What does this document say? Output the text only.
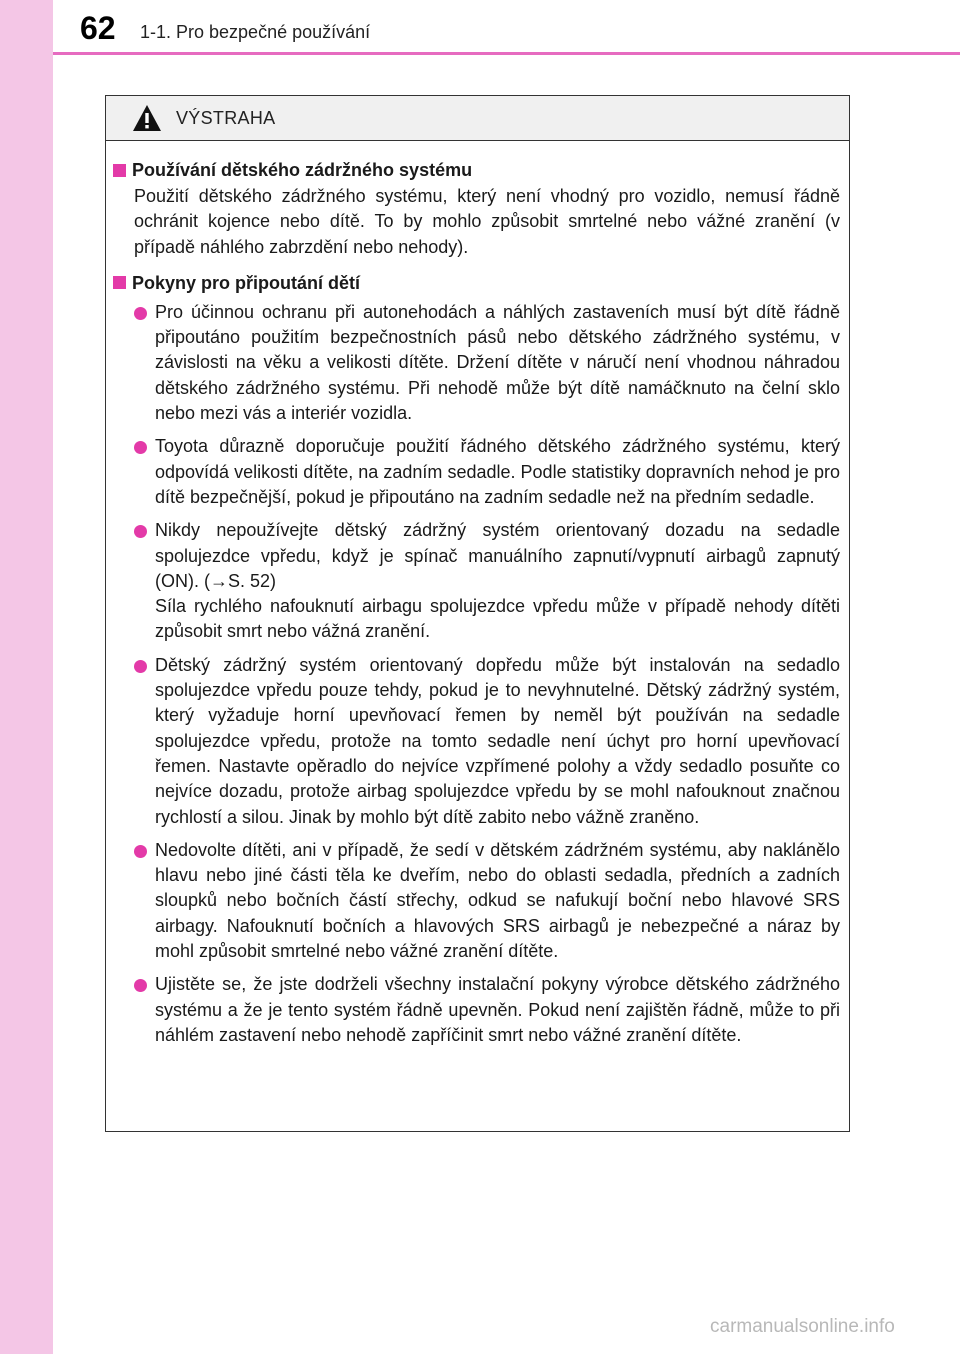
62 1-1. Pro bezpečné používání
VÝSTRAHA
Používání dětského zádržného systému
Použití dětského zádržného systému, který není vhodný pro vozidlo, nemusí řádně ochránit kojence nebo dítě. To by mohlo způsobit smrtelné nebo vážné zranění (v případě náhlého zabrzdění nebo nehody).
Pokyny pro připoutání dětí

Pro účinnou ochranu při autonehodách a náhlých zastaveních musí být dítě řádně připoutáno použitím bezpečnostních pásů nebo dětského zádržného systému, v závislosti na věku a velikosti dítěte. Držení dítěte v náručí není vhodnou náhradou dětského zádržného systému. Při nehodě může být dítě namáčknuto na čelní sklo nebo mezi vás a interiér vozidla.

Toyota důrazně doporučuje použití řádného dětského zádržného systému, který odpovídá velikosti dítěte, na zadním sedadle. Podle statistiky dopravních nehod je pro dítě bezpečnější, pokud je připoutáno na zadním sedadle než na předním sedadle.

Nikdy nepoužívejte dětský zádržný systém orientovaný dozadu na sedadle spolujezdce vpředu, když je spínač manuálního zapnutí/vypnutí airbagů zapnutý (ON). (→S. 52)

Síla rychlého nafouknutí airbagu spolujezdce vpředu může v případě nehody dítěti způsobit smrt nebo vážná zranění.

Dětský zádržný systém orientovaný dopředu může být instalován na sedadlo spolujezdce vpředu pouze tehdy, pokud je to nevyhnutelné. Dětský zádržný systém, který vyžaduje horní upevňovací řemen by neměl být používán na sedadle spolujezdce vpředu, protože na tomto sedadle není úchyt pro horní upevňovací řemen. Nastavte opěradlo do nejvíce vzpřímené polohy a vždy sedadlo posuňte co nejvíce dozadu, protože airbag spolujezdce vpředu by se mohl nafouknout značnou rychlostí a silou. Jinak by mohlo být dítě zabito nebo vážně zraněno.

Nedovolte dítěti, ani v případě, že sedí v dětském zádržném systému, aby naklánělo hlavu nebo jiné části těla ke dveřím, nebo do oblasti sedadla, předních a zadních sloupků nebo bočních částí střechy, odkud se nafukují boční nebo hlavové SRS airbagy. Nafouknutí bočních a hlavových SRS airbagů je nebezpečné a náraz by mohl způsobit smrtelné nebo vážné zranění dítěte.

Ujistěte se, že jste dodrželi všechny instalační pokyny výrobce dětského zádržného systému a že je tento systém řádně upevněn. Pokud není zajištěn řádně, může to při náhlém zastavení nebo nehodě zapříčinit smrt nebo vážné zranění dítěte.

carmanualsonline.info
